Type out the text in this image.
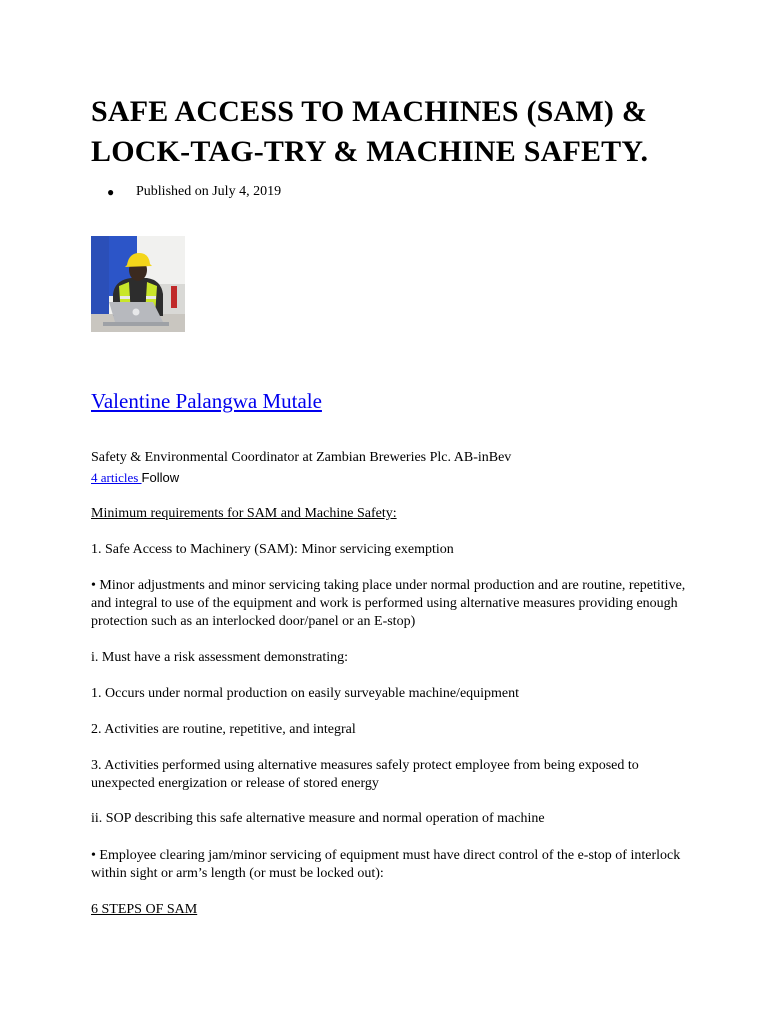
SAFE ACCESS TO MACHINES (SAM) & LOCK-TAG-TRY & MACHINE SAFETY.
● Published on July 4, 2019
Valentine Palangwa Mutale
Safety & Environmental Coordinator at Zambian Breweries Plc. AB-inBev
4 articles Follow

Minimum requirements for SAM and Machine Safety:

1. Safe Access to Machinery (SAM): Minor servicing exemption

• Minor adjustments and minor servicing taking place under normal production and are routine, repetitive, and integral to use of the equipment and work is performed using alternative measures providing enough protection such as an interlocked door/panel or an E-stop)

i. Must have a risk assessment demonstrating:

1. Occurs under normal production on easily surveyable machine/equipment

2. Activities are routine, repetitive, and integral

3. Activities performed using alternative measures safely protect employee from being exposed to unexpected energization or release of stored energy

ii. SOP describing this safe alternative measure and normal operation of machine

• Employee clearing jam/minor servicing of equipment must have direct control of the e-stop of interlock within sight or arm’s length (or must be locked out):

6 STEPS OF SAM
